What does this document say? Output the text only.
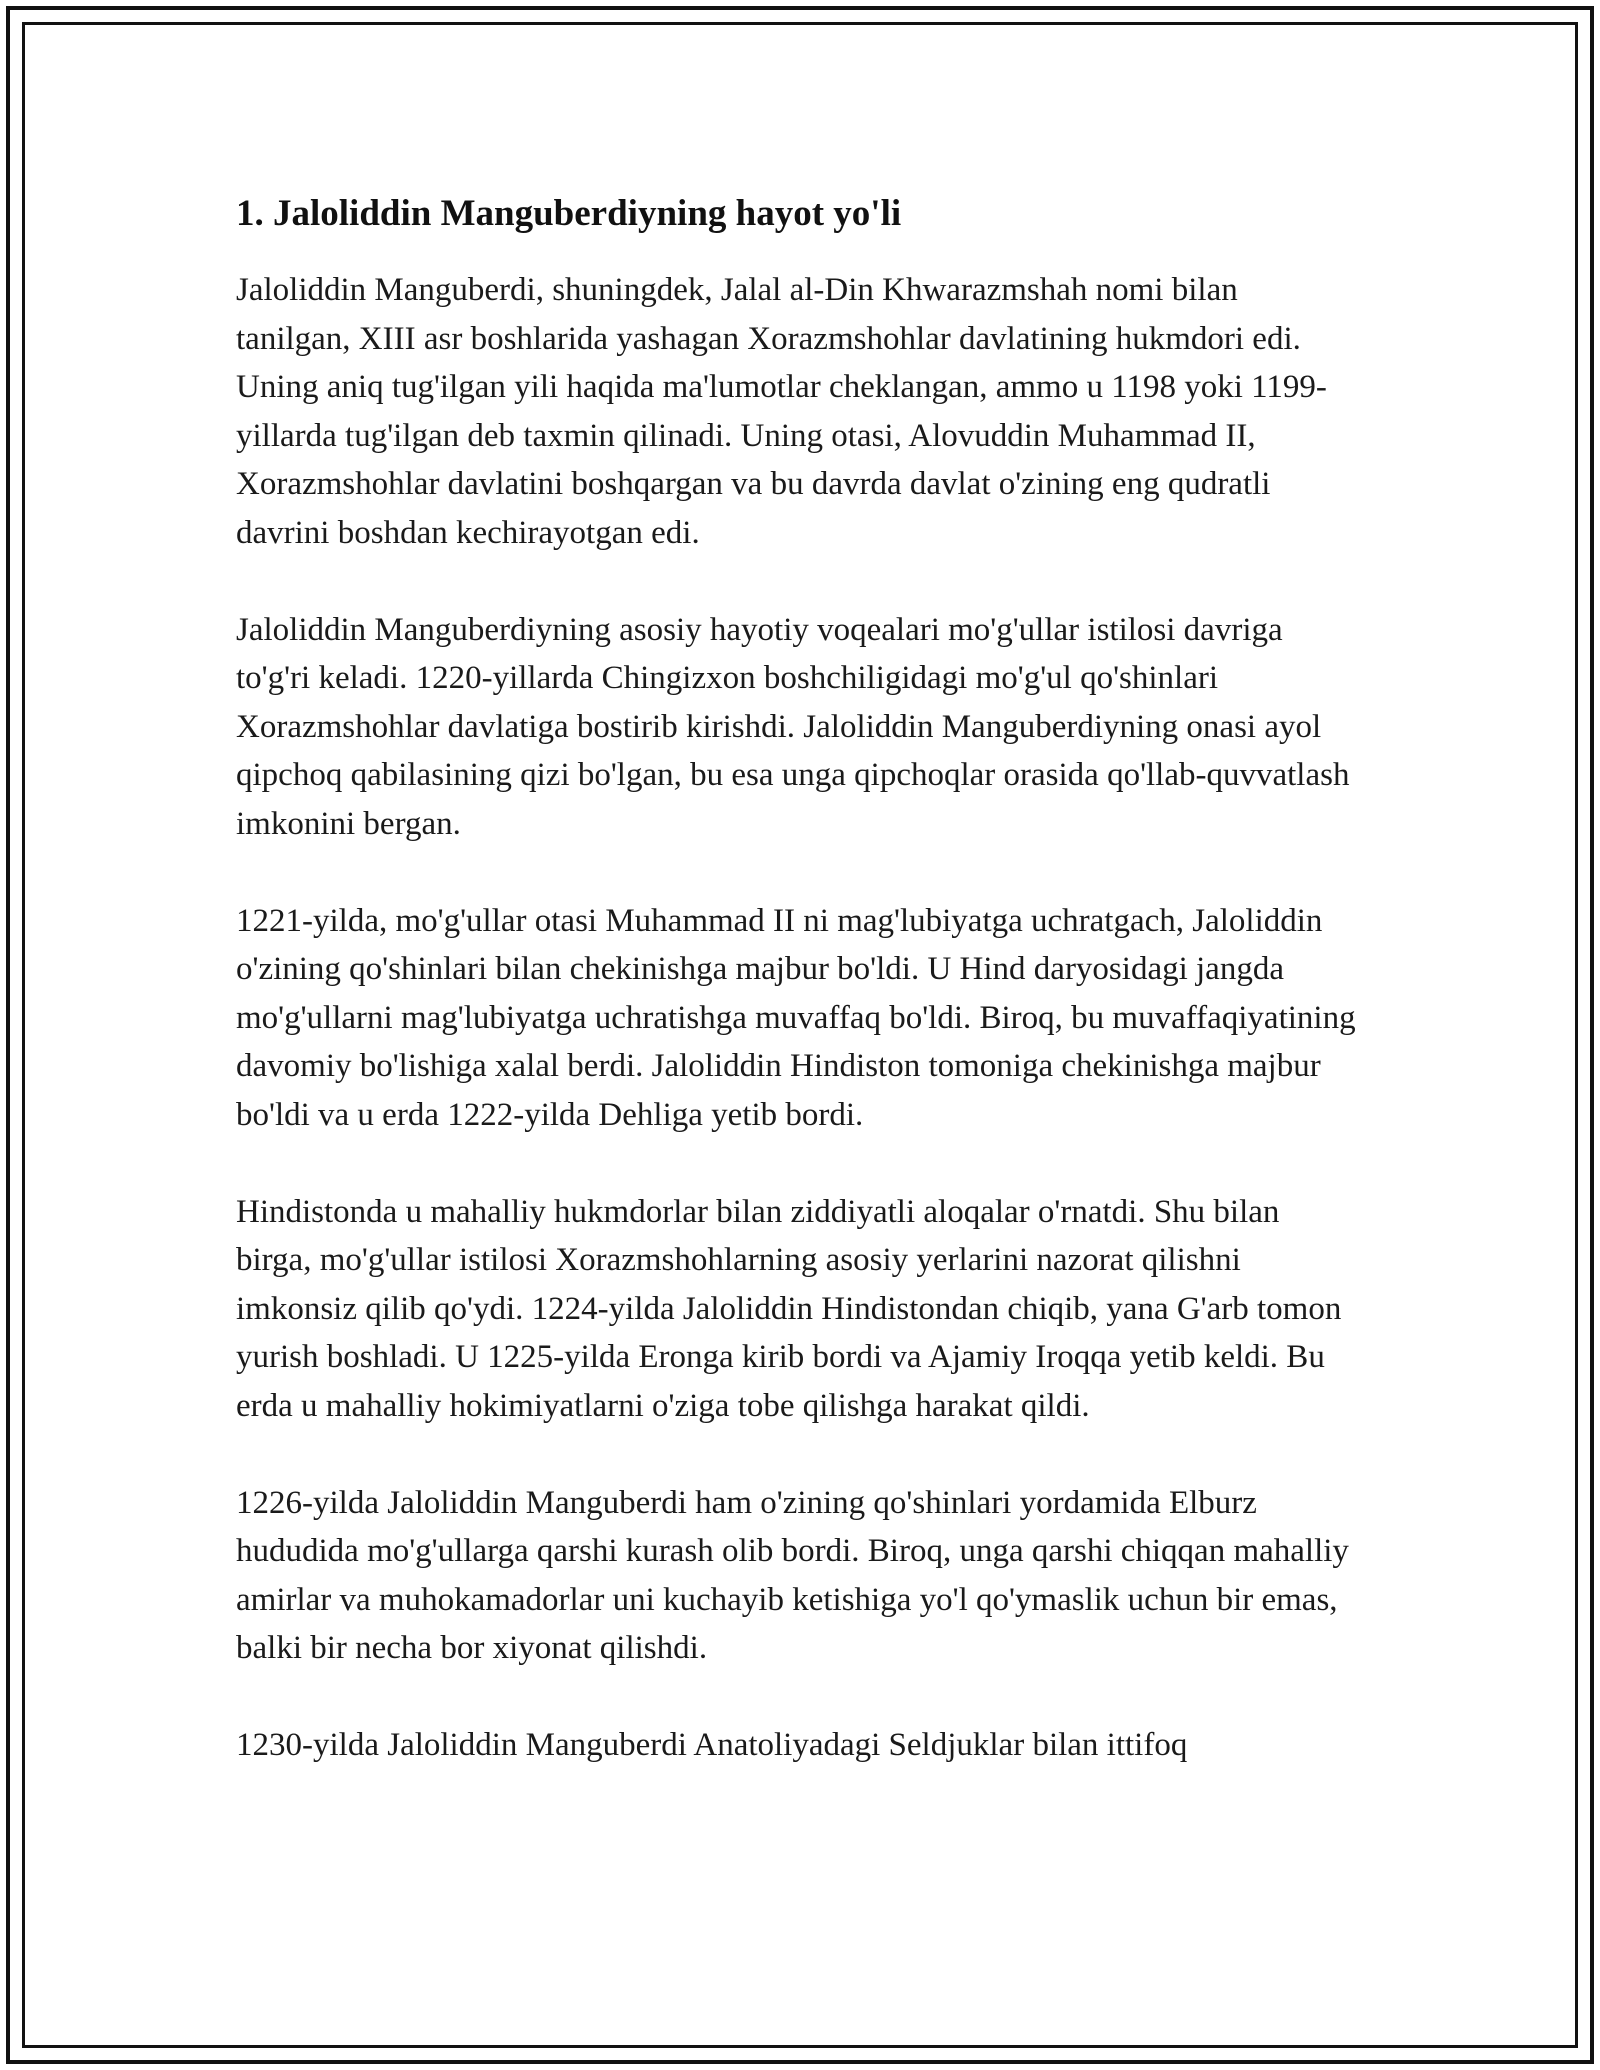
1. Jaloliddin Manguberdiyning hayot yo'li

Jaloliddin Manguberdi, shuningdek, Jalal al-Din Khwarazmshah nomi bilan tanilgan, XIII asr boshlarida yashagan Xorazmshohlar davlatining hukmdori edi. Uning aniq tug'ilgan yili haqida ma'lumotlar cheklangan, ammo u 1198 yoki 1199-yillarda tug'ilgan deb taxmin qilinadi. Uning otasi, Alovuddin Muhammad II, Xorazmshohlar davlatini boshqargan va bu davrda davlat o'zining eng qudratli davrini boshdan kechirayotgan edi.

Jaloliddin Manguberdiyning asosiy hayotiy voqealari mo'g'ullar istilosi davriga to'g'ri keladi. 1220-yillarda Chingizxon boshchiligidagi mo'g'ul qo'shinlari Xorazmshohlar davlatiga bostirib kirishdi. Jaloliddin Manguberdiyning onasi ayol qipchoq qabilasining qizi bo'lgan, bu esa unga qipchoqlar orasida qo'llab-quvvatlash imkonini bergan.

1221-yilda, mo'g'ullar otasi Muhammad II ni mag'lubiyatga uchratgach, Jaloliddin o'zining qo'shinlari bilan chekinishga majbur bo'ldi. U Hind daryosidagi jangda mo'g'ullarni mag'lubiyatga uchratishga muvaffaq bo'ldi. Biroq, bu muvaffaqiyatining davomiy bo'lishiga xalal berdi. Jaloliddin Hindiston tomoniga chekinishga majbur bo'ldi va u erda 1222-yilda Dehliga yetib bordi.

Hindistonda u mahalliy hukmdorlar bilan ziddiyatli aloqalar o'rnatdi. Shu bilan birga, mo'g'ullar istilosi Xorazmshohlarning asosiy yerlarini nazorat qilishni imkonsiz qilib qo'ydi. 1224-yilda Jaloliddin Hindistondan chiqib, yana G'arb tomon yurish boshladi. U 1225-yilda Eronga kirib bordi va Ajamiy Iroqqa yetib keldi. Bu erda u mahalliy hokimiyatlarni o'ziga tobe qilishga harakat qildi.

1226-yilda Jaloliddin Manguberdi ham o'zining qo'shinlari yordamida Elburz hududida mo'g'ullarga qarshi kurash olib bordi. Biroq, unga qarshi chiqqan mahalliy amirlar va muhokamadorlar uni kuchayib ketishiga yo'l qo'ymaslik uchun bir emas, balki bir necha bor xiyonat qilishdi.

1230-yilda Jaloliddin Manguberdi Anatoliyadagi Seldjuklar bilan ittifoq
